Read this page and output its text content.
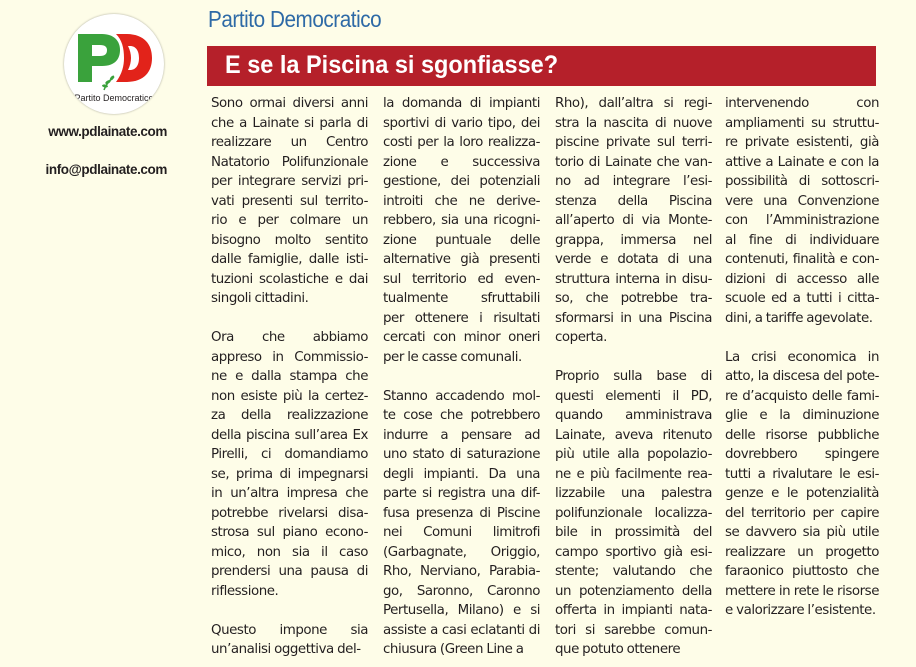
Partito Democratico
www.pdlainate.com
info@pdlainate.com
Partito Democratico
E se la Piscina si sgonfiasse?
Sono ormai diversi anni
che a Lainate si parla di
realizzare un Centro
Natatorio Polifunzionale
per integrare servizi pri-
vati presenti sul territo-
rio e per colmare un
bisogno molto sentito
dalle famiglie, dalle isti-
tuzioni scolastiche e dai
singoli cittadini.
Ora che abbiamo
appreso in Commissio-
ne e dalla stampa che
non esiste più la certez-
za della realizzazione
della piscina sull’area Ex
Pirelli, ci domandiamo
se, prima di impegnarsi
in un’altra impresa che
potrebbe rivelarsi disa-
strosa sul piano econo-
mico, non sia il caso
prendersi una pausa di
riflessione.
Questo impone sia
un’analisi oggettiva del-
la domanda di impianti
sportivi di vario tipo, dei
costi per la loro realizza-
zione e successiva
gestione, dei potenziali
introiti che ne derive-
rebbero, sia una ricogni-
zione puntuale delle
alternative già presenti
sul territorio ed even-
tualmente sfruttabili
per ottenere i risultati
cercati con minor oneri
per le casse comunali.
Stanno accadendo mol-
te cose che potrebbero
indurre a pensare ad
uno stato di saturazione
degli impianti. Da una
parte si registra una dif-
fusa presenza di Piscine
nei Comuni limitrofi
(Garbagnate, Origgio,
Rho, Nerviano, Parabia-
go, Saronno, Caronno
Pertusella, Milano) e si
assiste a casi eclatanti di
chiusura (Green Line a
Rho), dall’altra si regi-
stra la nascita di nuove
piscine private sul terri-
torio di Lainate che van-
no ad integrare l’esi-
stenza della Piscina
all’aperto di via Monte-
grappa, immersa nel
verde e dotata di una
struttura interna in disu-
so, che potrebbe tra-
sformarsi in una Piscina
coperta.
Proprio sulla base di
questi elementi il PD,
quando amministrava
Lainate, aveva ritenuto
più utile alla popolazio-
ne e più facilmente rea-
lizzabile una palestra
polifunzionale localizza-
bile in prossimità del
campo sportivo già esi-
stente; valutando che
un potenziamento della
offerta in impianti nata-
tori si sarebbe comun-
que potuto ottenere
intervenendo con
ampliamenti su struttu-
re private esistenti, già
attive a Lainate e con la
possibilità di sottoscri-
vere una Convenzione
con l’Amministrazione
al fine di individuare
contenuti, finalità e con-
dizioni di accesso alle
scuole ed a tutti i citta-
dini, a tariffe agevolate.
La crisi economica in
atto, la discesa del pote-
re d’acquisto delle fami-
glie e la diminuzione
delle risorse pubbliche
dovrebbero spingere
tutti a rivalutare le esi-
genze e le potenzialità
del territorio per capire
se davvero sia più utile
realizzare un progetto
faraonico piuttosto che
mettere in rete le risorse
e valorizzare l’esistente.
